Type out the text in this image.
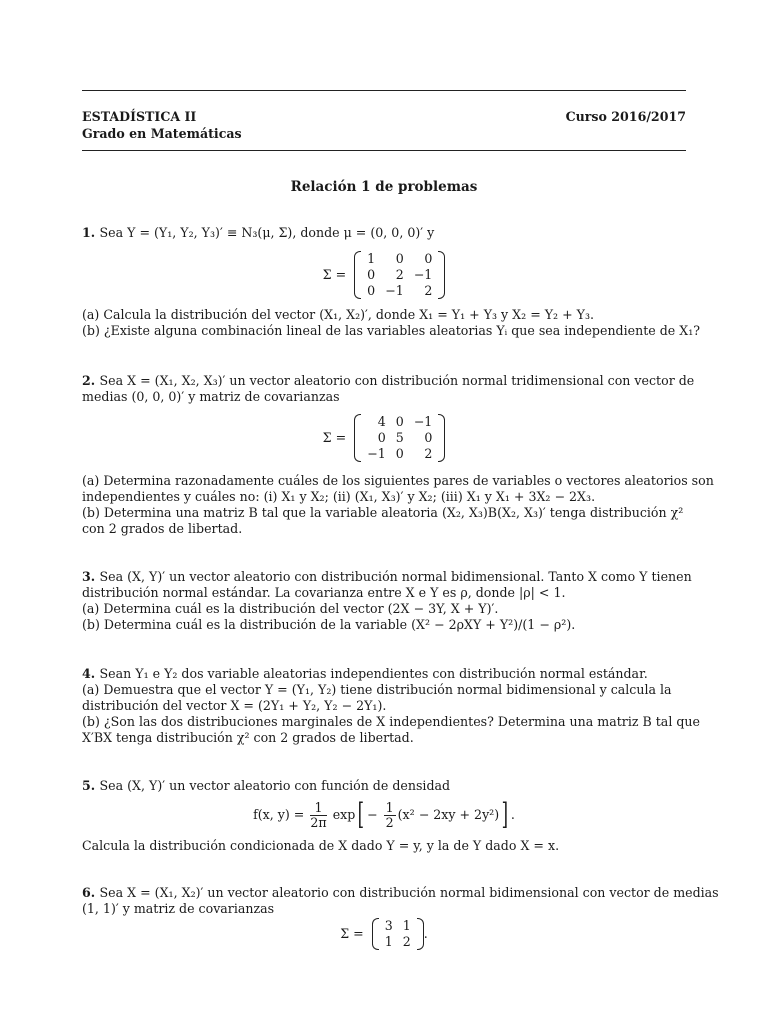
ESTADÍSTICA II	Curso 2016/2017
Grado en Matemáticas
Relación 1 de problemas
1. Sea Y = (Y₁, Y₂, Y₃)′ ≡ N₃(μ, Σ), donde μ = (0, 0, 0)′ y
Σ =
1	0	0
0	2	−1
0	−1	2
(a) Calcula la distribución del vector (X₁, X₂)′, donde X₁ = Y₁ + Y₃ y X₂ = Y₂ + Y₃.
(b) ¿Existe alguna combinación lineal de las variables aleatorias Yᵢ que sea independiente de X₁?
2. Sea X = (X₁, X₂, X₃)′ un vector aleatorio con distribución normal tridimensional con vector de
medias (0, 0, 0)′ y matriz de covarianzas
Σ =
4	0	−1
0	5	0
−1	0	2
(a) Determina razonadamente cuáles de los siguientes pares de variables o vectores aleatorios son
independientes y cuáles no: (i) X₁ y X₂; (ii) (X₁, X₃)′ y X₂; (iii) X₁ y X₁ + 3X₂ − 2X₃.
(b) Determina una matriz B tal que la variable aleatoria (X₂, X₃)B(X₂, X₃)′ tenga distribución χ²
con 2 grados de libertad.
3. Sea (X, Y)′ un vector aleatorio con distribución normal bidimensional. Tanto X como Y tienen
distribución normal estándar. La covarianza entre X e Y es ρ, donde |ρ| < 1.
(a) Determina cuál es la distribución del vector (2X − 3Y, X + Y)′.
(b) Determina cuál es la distribución de la variable (X² − 2ρXY + Y²)/(1 − ρ²).
4. Sean Y₁ e Y₂ dos variable aleatorias independientes con distribución normal estándar.
(a) Demuestra que el vector Y = (Y₁, Y₂) tiene distribución normal bidimensional y calcula la
distribución del vector X = (2Y₁ + Y₂, Y₂ − 2Y₁).
(b) ¿Son las dos distribuciones marginales de X independientes? Determina una matriz B tal que
X′BX tenga distribución χ² con 2 grados de libertad.
5. Sea (X, Y)′ un vector aleatorio con función de densidad
f(x, $y) = \frac{1}{2\pi} \exp[ - \frac{1}{2} (x^2 - 2xy + 2y^2)]$ .
Calcula la distribución condicionada de X dado Y = y, y la de Y dado X = x.
6. Sea X = (X₁, X₂)′ un vector aleatorio con distribución normal bidimensional con vector de medias
(1, 1)′ y matriz de covarianzas
Σ =
3	1
1	2
.
